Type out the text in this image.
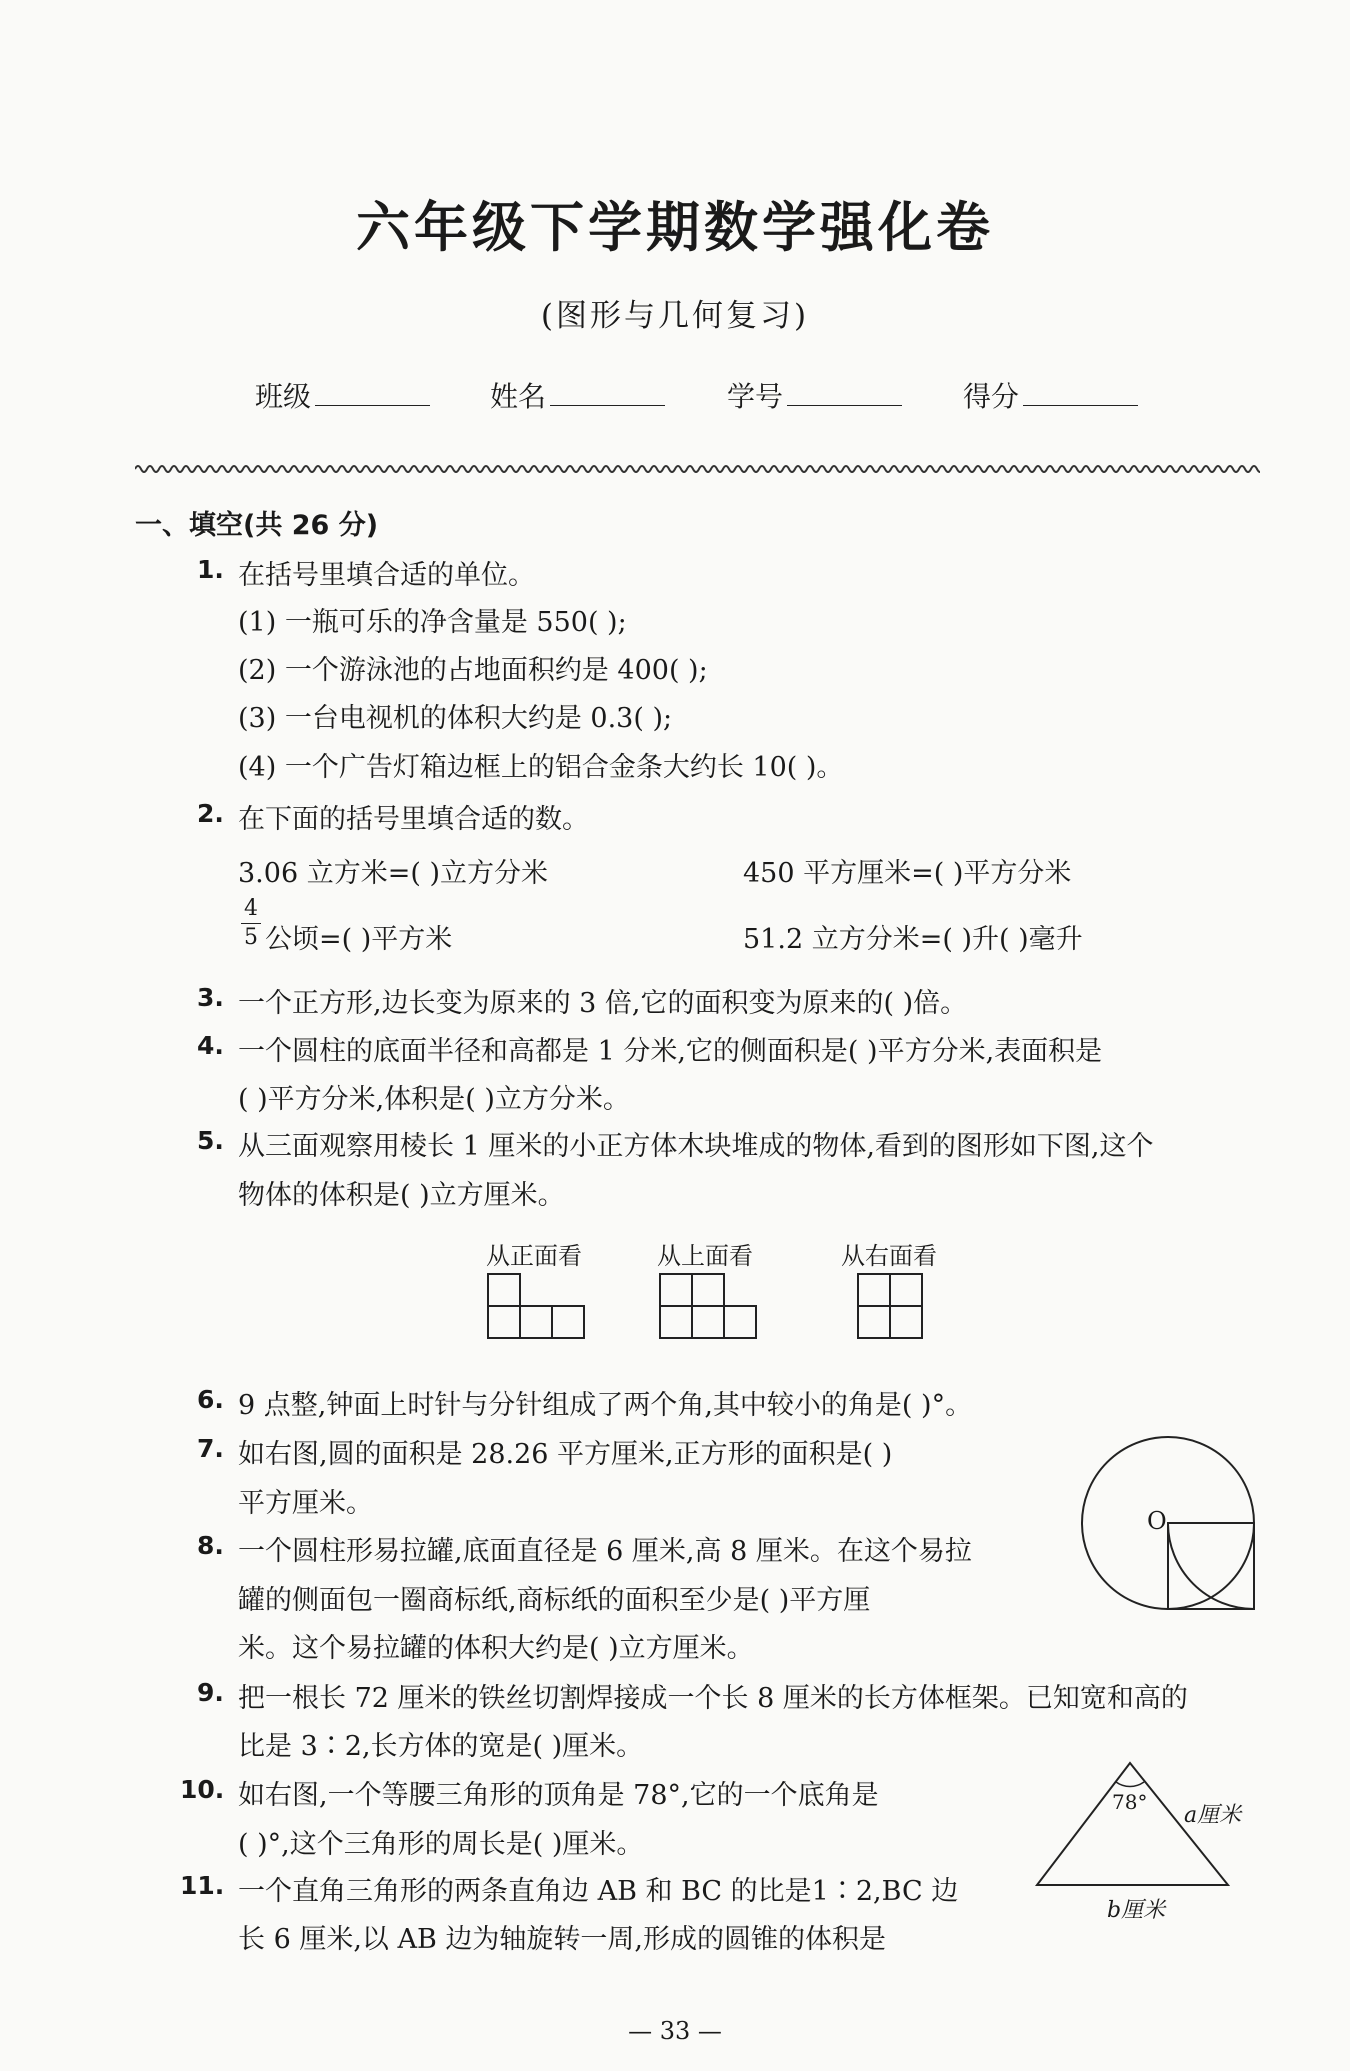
六年级下学期数学强化卷
(图形与几何复习)
班级	姓名	学号	得分
一、填空(共 26 分)
1. 在括号里填合适的单位。
(1) 一瓶可乐的净含量是 550( );
(2) 一个游泳池的占地面积约是 400( );
(3) 一台电视机的体积大约是 0.3( );
(4) 一个广告灯箱边框上的铝合金条大约长 10( )。
2. 在下面的括号里填合适的数。
3.06 立方米=( )立方分米	450 平方厘米=( )平方分米
4
5 公顷=( )平方米	51.2 立方分米=( )升( )毫升
3. 一个正方形,边长变为原来的 3 倍,它的面积变为原来的( )倍。
4. 一个圆柱的底面半径和高都是 1 分米,它的侧面积是( )平方分米,表面积是
( )平方分米,体积是( )立方分米。
5. 从三面观察用棱长 1 厘米的小正方体木块堆成的物体,看到的图形如下图,这个
物体的体积是( )立方厘米。
从正面看	从上面看	从右面看
6. 9 点整,钟面上时针与分针组成了两个角,其中较小的角是( )°。
7. 如右图,圆的面积是 28.26 平方厘米,正方形的面积是( )
平方厘米。
O
8. 一个圆柱形易拉罐,底面直径是 6 厘米,高 8 厘米。在这个易拉
罐的侧面包一圈商标纸,商标纸的面积至少是( )平方厘
米。这个易拉罐的体积大约是( )立方厘米。
9. 把一根长 72 厘米的铁丝切割焊接成一个长 8 厘米的长方体框架。已知宽和高的
比是 3∶2,长方体的宽是( )厘米。
10. 如右图,一个等腰三角形的顶角是 78°,它的一个底角是
( )°,这个三角形的周长是( )厘米。
78°
a厘米
b厘米
11. 一个直角三角形的两条直角边 AB 和 BC 的比是1∶2,BC 边
长 6 厘米,以 AB 边为轴旋转一周,形成的圆锥的体积是
— 33 —
